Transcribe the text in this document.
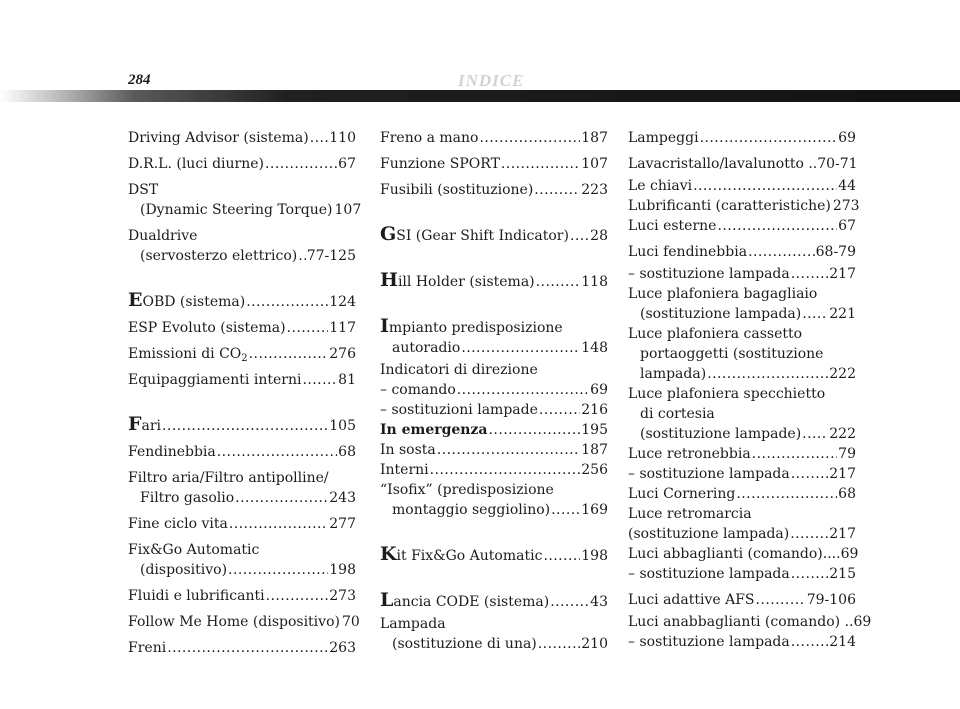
284	INDICE
Driving Advisor (sistema) . . . 110
D.R.L. (luci diurne) . . .	67
DST
(Dynamic Steering Torque) 107
Dualdrive
(servosterzo elettrico) . . . 77-125
EOBD (sistema) . . .	124
ESP Evoluto (sistema) . . .	117
Emissioni di $CO_2$ . . .	276
Equipaggiamenti interni . . .	81
Fari . . .	105
Fendinebbia . . .	68
Filtro aria/Filtro antipolline/
Filtro gasolio . . .	243
Fine ciclo vita . . .	277
Fix&Go Automatic
(dispositivo) . . .	198
Fluidi e lubrificanti . . .	273
Follow Me Home (dispositivo) 70
Freni . . .	263
Freno a mano . . .	187
Funzione SPORT . . .	107
Fusibili (sostituzione) . . .	223
GSI (Gear Shift Indicator) . . . 28
Hill Holder (sistema) . . .	118
Impianto predisposizione
autoradio . . .	148
Indicatori di direzione
– comando . . .	69
– sostituzioni lampade . . .	216
In emergenza . . .	195
In sosta . . .	187
Interni . . .	256
“Isofix” (predisposizione
montaggio seggiolino) . . . 169
Kit Fix&Go Automatic . . .	198
Lancia CODE (sistema) . . .	43
Lampada
(sostituzione di una) . . .	210
Lampeggi . . .	69
Lavacristallo/lavalunotto .. 70-71
Le chiavi . . .	44
Lubrificanti (caratteristiche) 273
Luci esterne . . .	67
Luci fendinebbia . . .	68-79
– sostituzione lampada . . .	217
Luce plafoniera bagagliaio
(sostituzione lampada) . . . 221
Luce plafoniera cassetto
portaoggetti (sostituzione
lampada) . . .	222
Luce plafoniera specchietto
di cortesia
(sostituzione lampade) . . . 222
Luce retronebbia . . .	79
– sostituzione lampada . . .	217
Luci Cornering . . .	68
Luce retromarcia
(sostituzione lampada) . . .	217
Luci abbaglianti (comando).... 69
– sostituzione lampada . . .	215
Luci adattive AFS . . .	79-106
Luci anabbaglianti (comando) .. 69
– sostituzione lampada . . .	214
